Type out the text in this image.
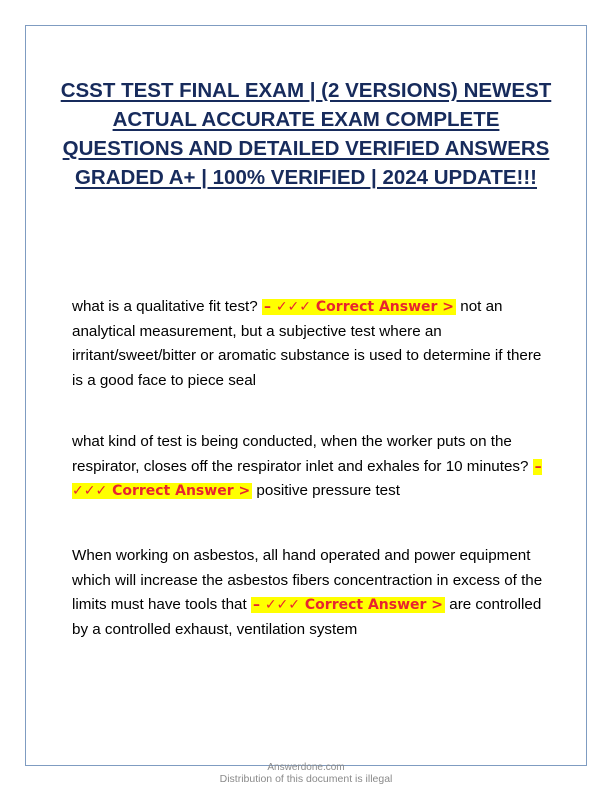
CSST TEST FINAL EXAM | (2 VERSIONS) NEWEST ACTUAL ACCURATE EXAM COMPLETE QUESTIONS AND DETAILED VERIFIED ANSWERS GRADED A+ | 100% VERIFIED | 2024 UPDATE!!!

what is a qualitative fit test? – ✓✓✓ Correct Answer > not an analytical measurement, but a subjective test where an irritant/sweet/bitter or aromatic substance is used to determine if there is a good face to piece seal

what kind of test is being conducted, when the worker puts on the respirator, closes off the respirator inlet and exhales for 10 minutes? – ✓✓✓ Correct Answer > positive pressure test

When working on asbestos, all hand operated and power equipment which will increase the asbestos fibers concentraction in excess of the limits must have tools that – ✓✓✓ Correct Answer > are controlled by a controlled exhaust, ventilation system

Answerdone.com
Distribution of this document is illegal
